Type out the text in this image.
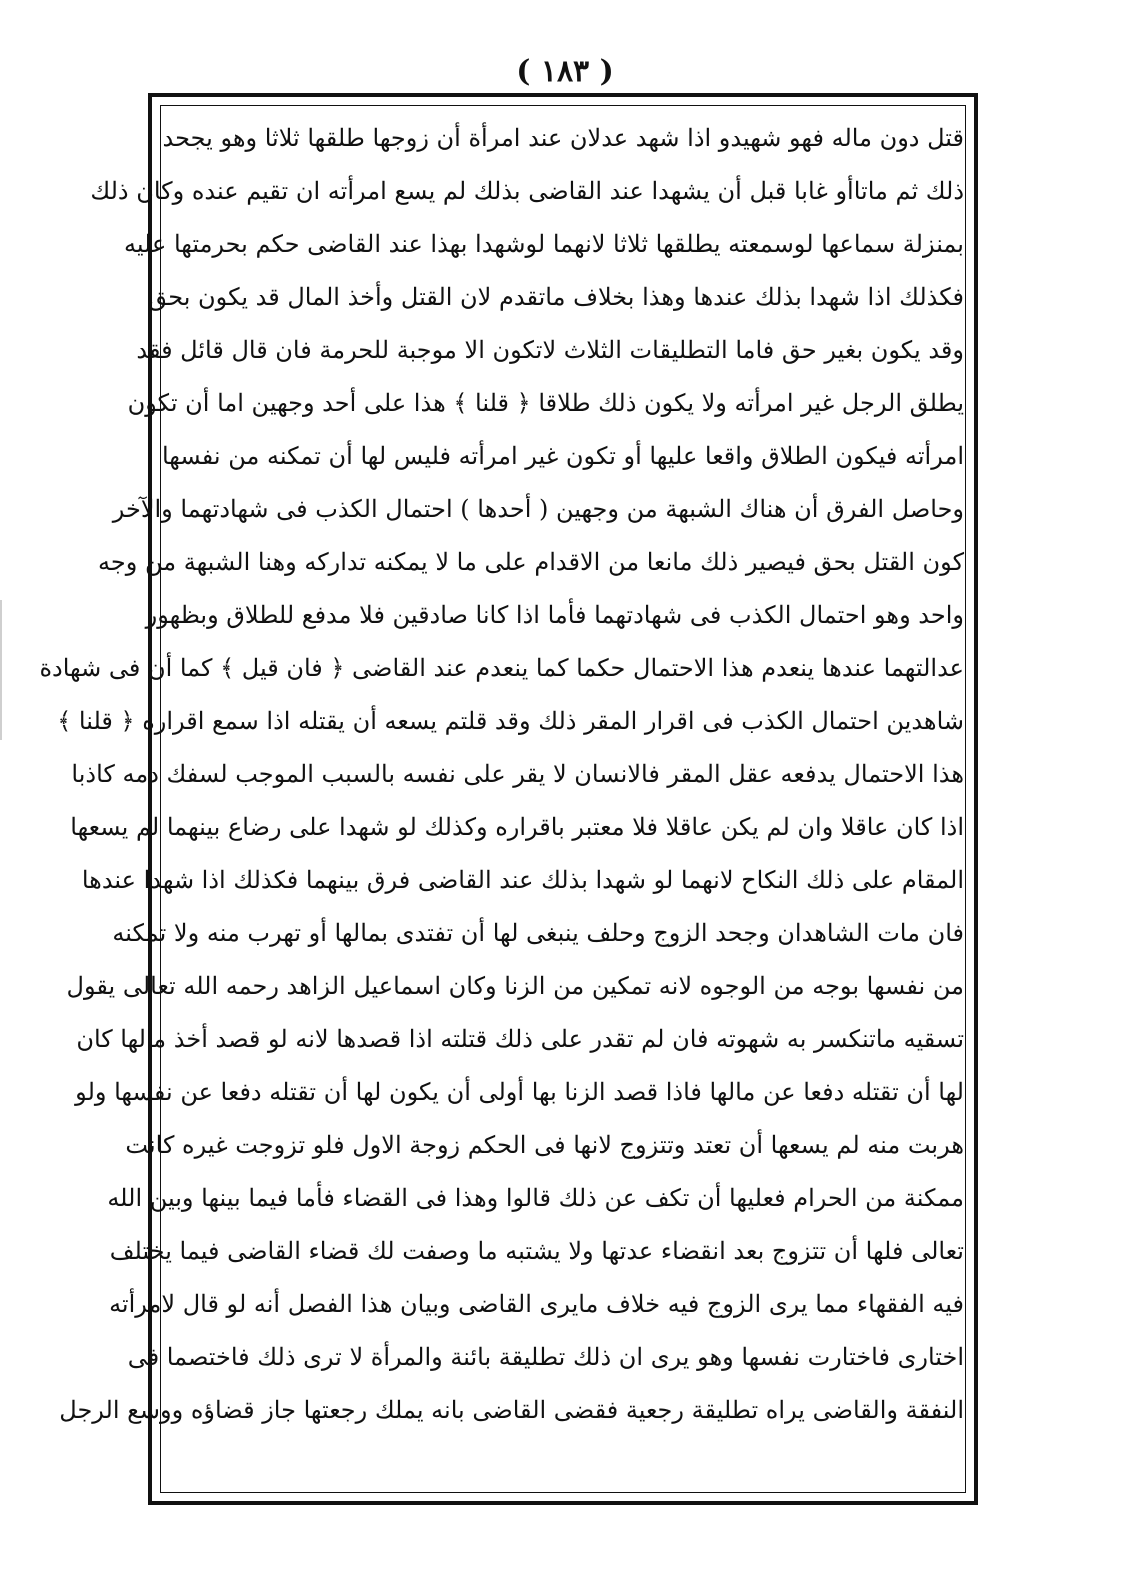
( ١٨٣ )
قتل دون ماله فهو شهيدو اذا شهد عدلان عند امرأة أن زوجها طلقها ثلاثا وهو يجحد
ذلك ثم ماتاأو غابا قبل أن يشهدا عند القاضى بذلك لم يسع امرأته ان تقيم عنده وكان ذلك
بمنزلة سماعها لوسمعته يطلقها ثلاثا لانهما لوشهدا بهذا عند القاضى حكم بحرمتها عليه
فكذلك اذا شهدا بذلك عندها وهذا بخلاف ماتقدم لان القتل وأخذ المال قد يكون بحق
وقد يكون بغير حق فاما التطليقات الثلاث لاتكون الا موجبة للحرمة فان قال قائل فقد
يطلق الرجل غير امرأته ولا يكون ذلك طلاقا ﴿ قلنا ﴾ هذا على أحد وجهين اما أن تكون
امرأته فيكون الطلاق واقعا عليها أو تكون غير امرأته فليس لها أن تمكنه من نفسها
وحاصل الفرق أن هناك الشبهة من وجهين ( أحدها ) احتمال الكذب فى شهادتهما والآخر
كون القتل بحق فيصير ذلك مانعا من الاقدام على ما لا يمكنه تداركه وهنا الشبهة من وجه
واحد وهو احتمال الكذب فى شهادتهما فأما اذا كانا صادقين فلا مدفع للطلاق وبظهور
عدالتهما عندها ينعدم هذا الاحتمال حكما كما ينعدم عند القاضى ﴿ فان قيل ﴾ كما أن فى شهادة
شاهدين احتمال الكذب فى اقرار المقر ذلك وقد قلتم يسعه أن يقتله اذا سمع اقراره ﴿ قلنا ﴾
هذا الاحتمال يدفعه عقل المقر فالانسان لا يقر على نفسه بالسبب الموجب لسفك دمه كاذبا
اذا كان عاقلا وان لم يكن عاقلا فلا معتبر باقراره وكذلك لو شهدا على رضاع بينهما لم يسعها
المقام على ذلك النكاح لانهما لو شهدا بذلك عند القاضى فرق بينهما فكذلك اذا شهدا عندها
فان مات الشاهدان وجحد الزوج وحلف ينبغى لها أن تفتدى بمالها أو تهرب منه ولا تمكنه
من نفسها بوجه من الوجوه لانه تمكين من الزنا وكان اسماعيل الزاهد رحمه الله تعالى يقول
تسقيه ماتنكسر به شهوته فان لم تقدر على ذلك قتلته اذا قصدها لانه لو قصد أخذ مالها كان
لها أن تقتله دفعا عن مالها فاذا قصد الزنا بها أولى أن يكون لها أن تقتله دفعا عن نفسها ولو
هربت منه لم يسعها أن تعتد وتتزوج لانها فى الحكم زوجة الاول فلو تزوجت غيره كانت
ممكنة من الحرام فعليها أن تكف عن ذلك قالوا وهذا فى القضاء فأما فيما بينها وبين الله
تعالى فلها أن تتزوج بعد انقضاء عدتها ولا يشتبه ما وصفت لك قضاء القاضى فيما يختلف
فيه الفقهاء مما يرى الزوج فيه خلاف مايرى القاضى وبيان هذا الفصل أنه لو قال لامرأته
اختارى فاختارت نفسها وهو يرى ان ذلك تطليقة بائنة والمرأة لا ترى ذلك فاختصما فى
النفقة والقاضى يراه تطليقة رجعية فقضى القاضى بانه يملك رجعتها جاز قضاؤه ووسع الرجل
